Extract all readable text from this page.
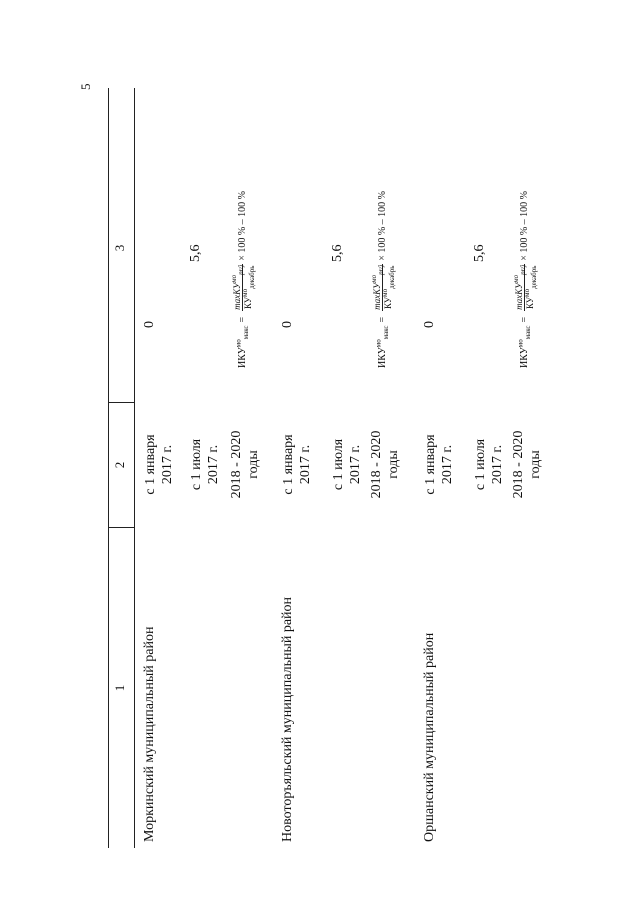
5
1
2
3
Моркинский муниципальный район
с 1 января 2017 г.
0
с 1 июля 2017 г.
5,6
2018 - 2020 годы
$ИКУ^{мо}_{макс}$
=
maxКУ$^{мо}_{pr/j}$
$КУ^{мо}_{декабрь}$
× 100 % – 100 %
Новоторъяльский муниципальный район
с 1 января 2017 г.
0
с 1 июля 2017 г.
5,6
2018 - 2020 годы
$ИКУ^{мо}_{макс}$
=
maxКУ$^{мо}_{pr/j}$
$КУ^{мо}_{декабрь}$
× 100 % – 100 %
Оршанский муниципальный район
с 1 января 2017 г.
0
с 1 июля 2017 г.
5,6
2018 - 2020 годы
$ИКУ^{мо}_{макс}$
=
maxКУ$^{мо}_{pr/j}$
$КУ^{мо}_{декабрь}$
× 100 % – 100 %
